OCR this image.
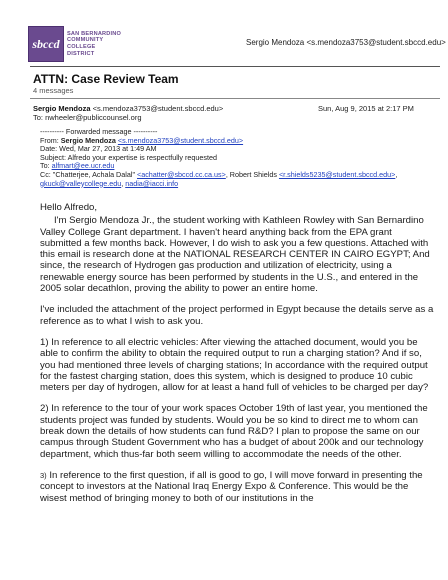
sbccd
SAN BERNARDINO
COMMUNITY
COLLEGE
DISTRICT
Sergio Mendoza <s.mendoza3753@student.sbccd.edu>
ATTN: Case Review Team
4 messages
Sergio Mendoza <s.mendoza3753@student.sbccd.edu>	Sun, Aug 9, 2015 at 2:17 PM
To: nwheeler@publiccounsel.org
---------- Forwarded message ----------
From: Sergio Mendoza <s.mendoza3753@student.sbccd.edu>
Date: Wed, Mar 27, 2013 at 1:49 AM
Subject: Alfredo your expertise is respectfully requested
To: alfmart@ee.ucr.edu
Cc: "Chatterjee, Achala Dalal" <achatter@sbccd.cc.ca.us>, Robert Shields <r.shields5235@student.sbccd.edu>,
gkuck@valleycollege.edu, nadia@iacci.info

Hello Alfredo,

I'm Sergio Mendoza Jr., the student working with Kathleen Rowley with San Bernardino Valley College Grant department. I haven't heard anything back from the EPA grant submitted a few months back. However, I do wish to ask you a few questions. Attached with this email is research done at the NATIONAL RESEARCH CENTER IN CAIRO EGYPT; And since, the research of Hydrogen gas production and utilization of electricity, using a renewable energy source has been performed by students in the U.S., and entered in the 2005 solar decathlon, proving the ability to power an entire home.

I've included the attachment of the project performed in Egypt because the details serve as a reference as to what I wish to ask you.

1) In reference to all electric vehicles: After viewing the attached document, would you be able to confirm the ability to obtain the required output to run a charging station? And if so, you had mentioned three levels of charging stations; In accordance with the required output for the fastest charging station, does this system, which is designed to produce 10 cubic meters per day of hydrogen, allow for at least a hand full of vehicles to be charged per day?

2) In reference to the tour of your work spaces October 19th of last year, you mentioned the students project was funded by students. Would you be so kind to direct me to whom can break down the details of how students can fund R&D? I plan to propose the same on our campus through Student Government who has a budget of about 200k and our technology department, which thus-far both seem willing to accommodate the needs of the other.

3) In reference to the first question, if all is good to go, I will move forward in presenting the concept to investors at the National Iraq Energy Expo & Conference. This would be the wisest method of bringing money to both of our institutions in the
